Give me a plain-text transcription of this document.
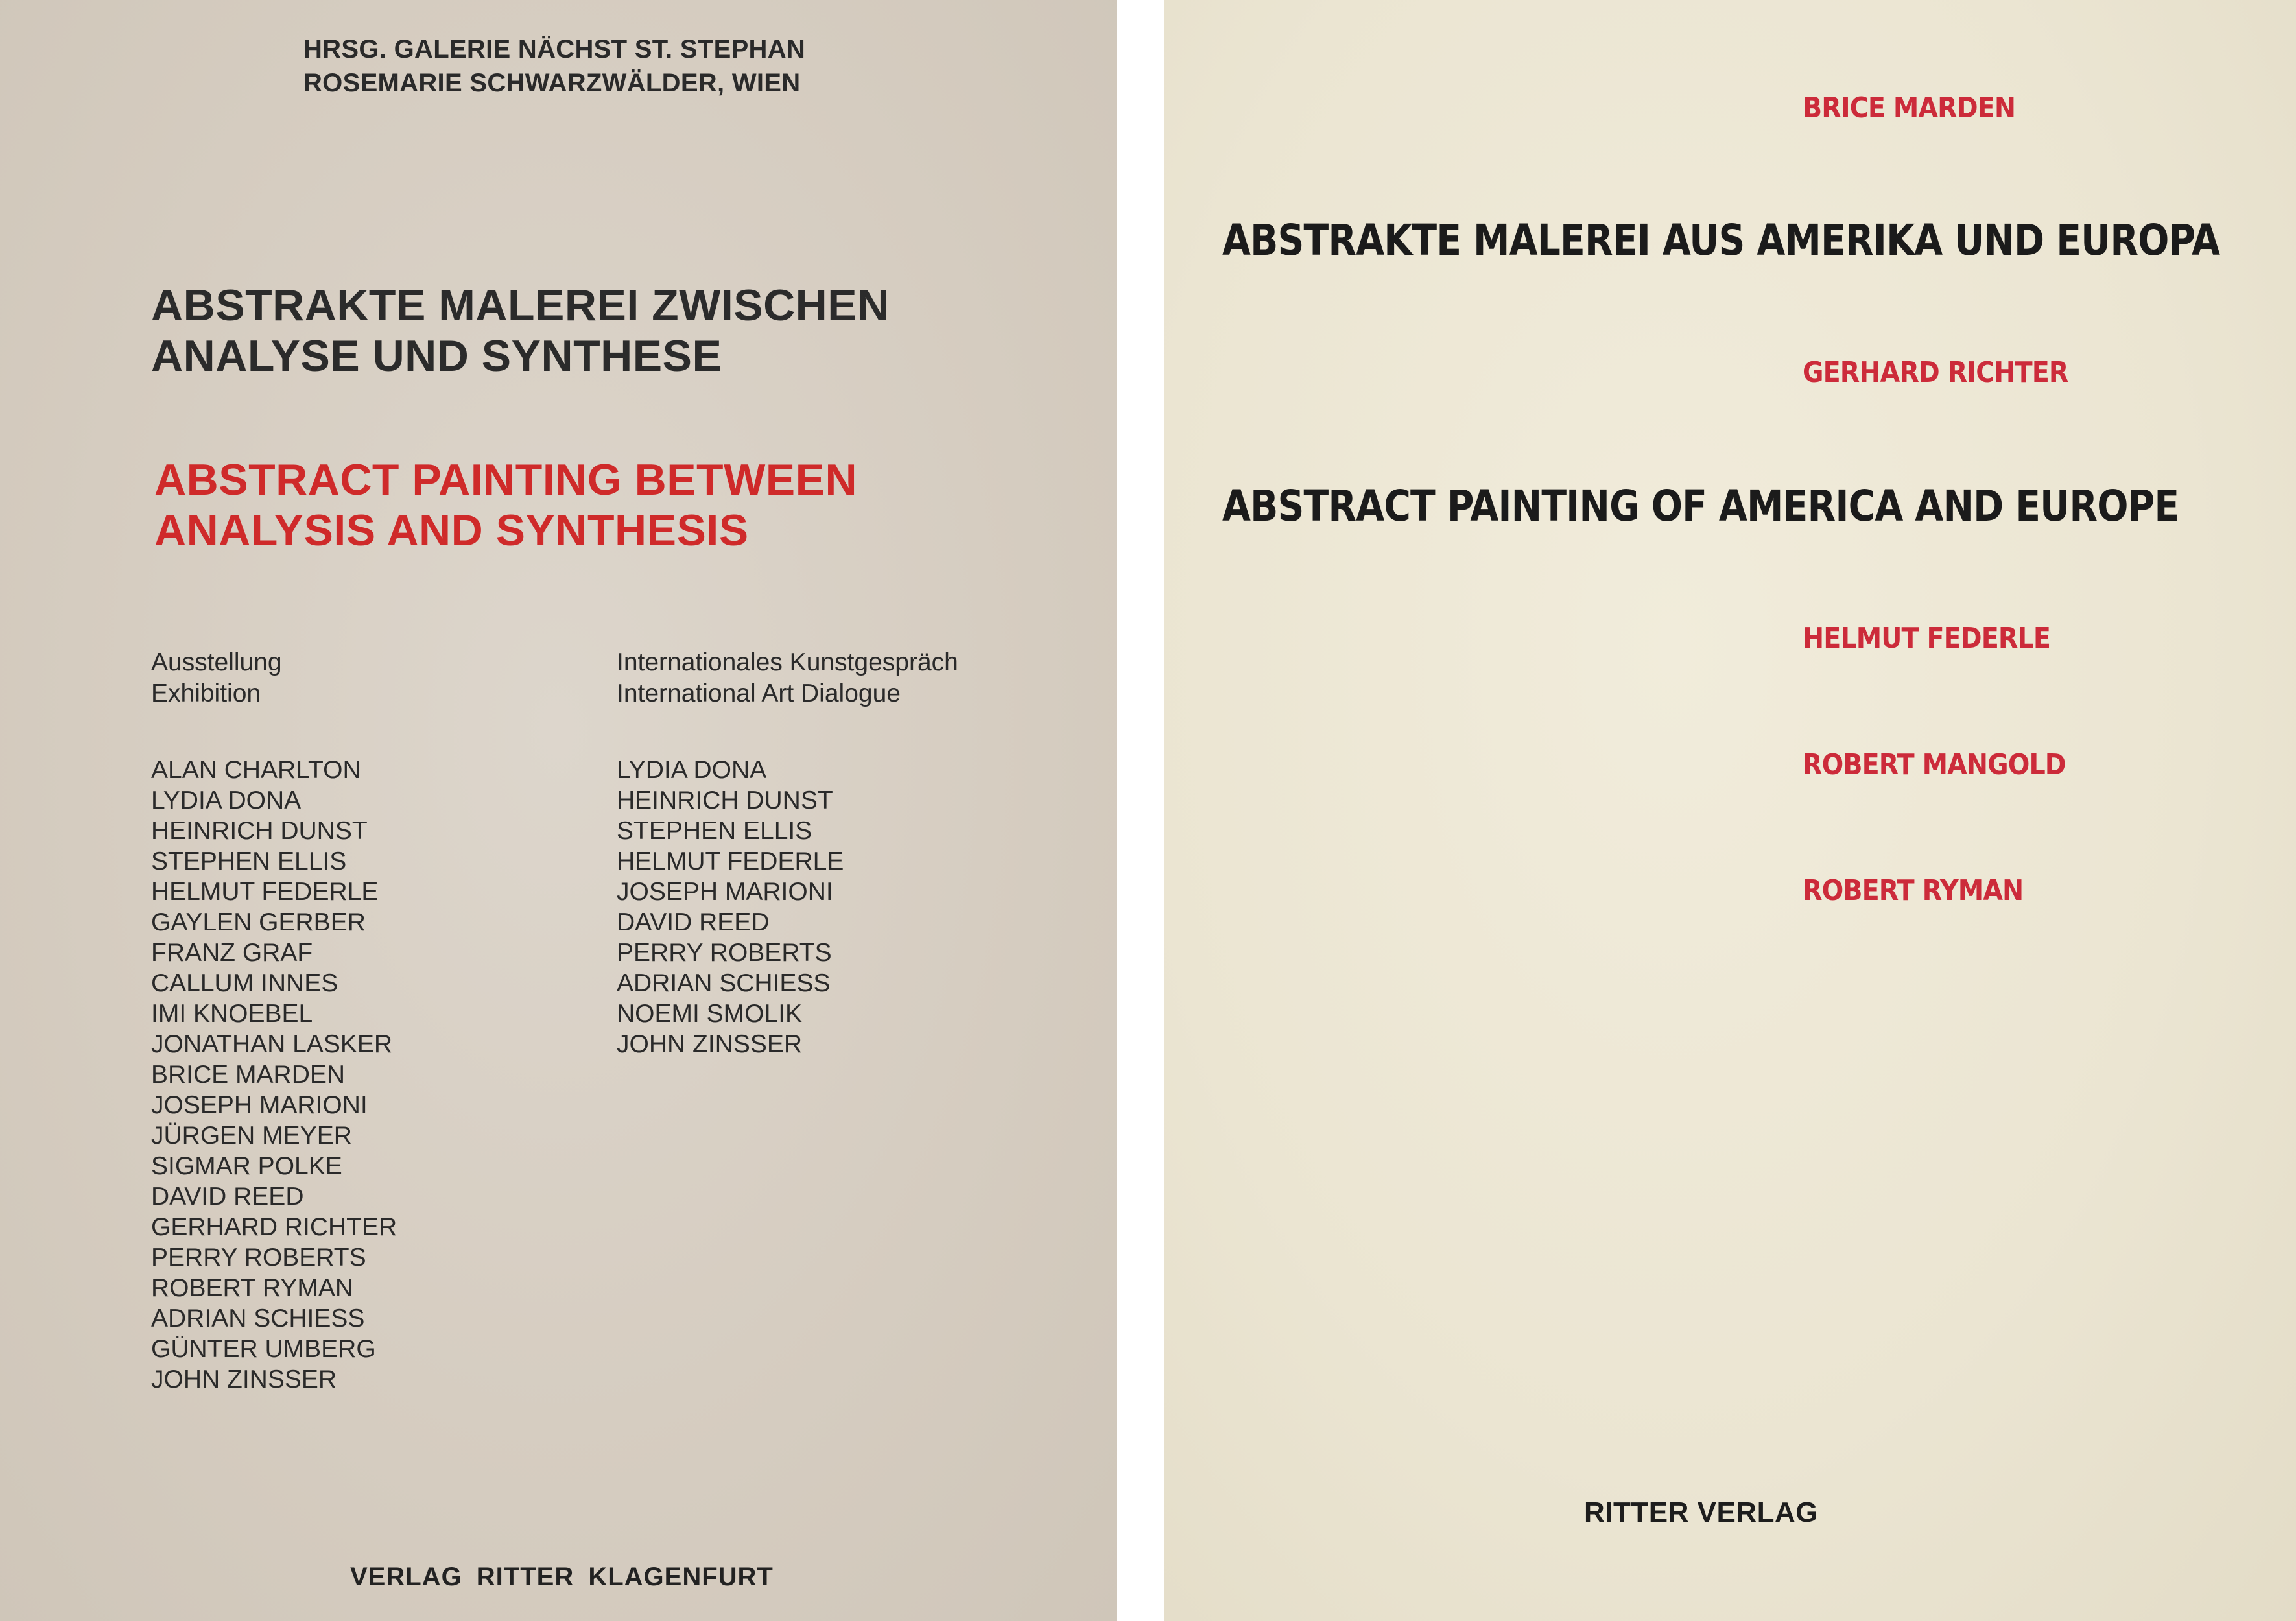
HRSG. GALERIE NÄCHST ST. STEPHAN
ROSEMARIE SCHWARZWÄLDER, WIEN
ABSTRAKTE MALEREI ZWISCHEN
ANALYSE UND SYNTHESE
ABSTRACT PAINTING BETWEEN
ANALYSIS AND SYNTHESIS
Ausstellung
Exhibition
Internationales Kunstgespräch
International Art Dialogue
ALAN CHARLTON
LYDIA DONA
HEINRICH DUNST
STEPHEN ELLIS
HELMUT FEDERLE
GAYLEN GERBER
FRANZ GRAF
CALLUM INNES
IMI KNOEBEL
JONATHAN LASKER
BRICE MARDEN
JOSEPH MARIONI
JÜRGEN MEYER
SIGMAR POLKE
DAVID REED
GERHARD RICHTER
PERRY ROBERTS
ROBERT RYMAN
ADRIAN SCHIESS
GÜNTER UMBERG
JOHN ZINSSER
LYDIA DONA
HEINRICH DUNST
STEPHEN ELLIS
HELMUT FEDERLE
JOSEPH MARIONI
DAVID REED
PERRY ROBERTS
ADRIAN SCHIESS
NOEMI SMOLIK
JOHN ZINSSER
VERLAG RITTER KLAGENFURT
BRICE MARDEN
ABSTRAKTE MALEREI AUS AMERIKA UND EUROPA
GERHARD RICHTER
ABSTRACT PAINTING OF AMERICA AND EUROPE
HELMUT FEDERLE
ROBERT MANGOLD
ROBERT RYMAN
RITTER VERLAG
